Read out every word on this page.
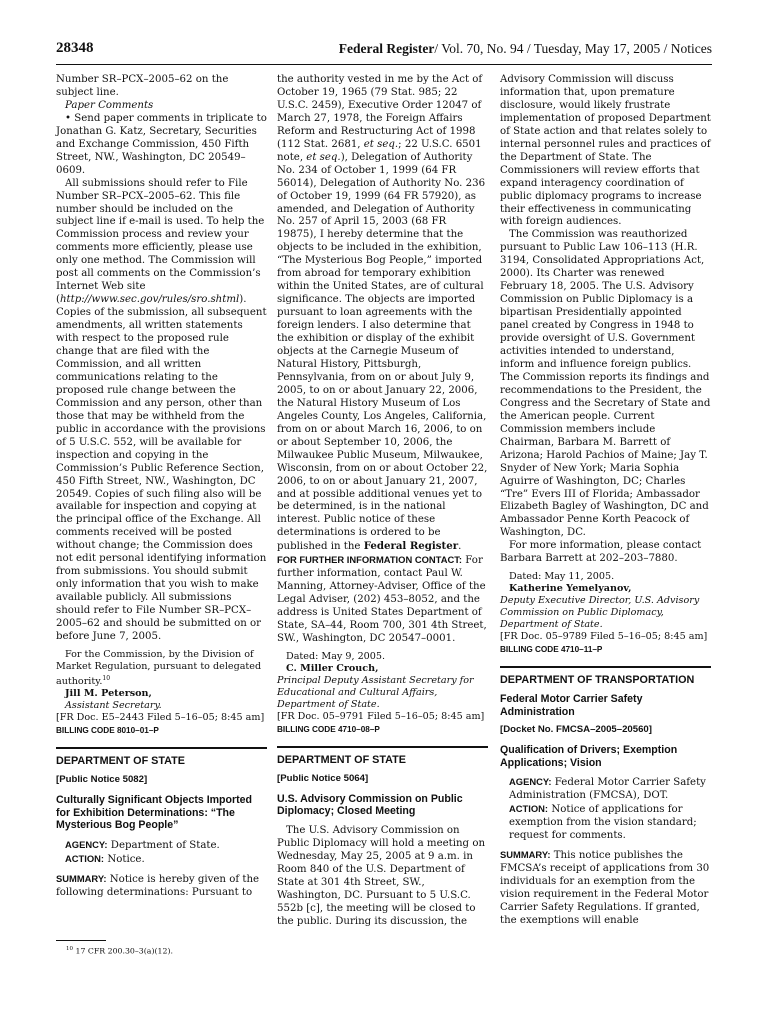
28348	Federal Register/ Vol. 70, No. 94 / Tuesday, May 17, 2005 / Notices

Number SR–PCX–2005–62 on the subject line.

Paper Comments

• Send paper comments in triplicate to Jonathan G. Katz, Secretary, Securities and Exchange Commission, 450 Fifth Street, NW., Washington, DC 20549–0609.

All submissions should refer to File Number SR–PCX–2005–62. This file number should be included on the subject line if e-mail is used. To help the Commission process and review your comments more efficiently, please use only one method. The Commission will post all comments on the Commission’s Internet Web site (http://www.sec.gov/rules/sro.shtml). Copies of the submission, all subsequent amendments, all written statements with respect to the proposed rule change that are filed with the Commission, and all written communications relating to the proposed rule change between the Commission and any person, other than those that may be withheld from the public in accordance with the provisions of 5 U.S.C. 552, will be available for inspection and copying in the Commission’s Public Reference Section, 450 Fifth Street, NW., Washington, DC 20549. Copies of such filing also will be available for inspection and copying at the principal office of the Exchange. All comments received will be posted without change; the Commission does not edit personal identifying information from submissions. You should submit only information that you wish to make available publicly. All submissions should refer to File Number SR–PCX–2005–62 and should be submitted on or before June 7, 2005.

For the Commission, by the Division of Market Regulation, pursuant to delegated authority.$^{10}$

Jill M. Peterson,

Assistant Secretary.

[FR Doc. E5–2443 Filed 5–16–05; 8:45 am]

BILLING CODE 8010–01–P
DEPARTMENT OF STATE
[Public Notice 5082]
Culturally Significant Objects Imported for Exhibition Determinations: “The Mysterious Bog People”

AGENCY: Department of State.

ACTION: Notice.

SUMMARY: Notice is hereby given of the following determinations: Pursuant to

$^{10}$ 17 CFR 200.30–3(a)(12).

the authority vested in me by the Act of October 19, 1965 (79 Stat. 985; 22 U.S.C. 2459), Executive Order 12047 of March 27, 1978, the Foreign Affairs Reform and Restructuring Act of 1998 (112 Stat. 2681, et seq.; 22 U.S.C. 6501 note, et seq.), Delegation of Authority No. 234 of October 1, 1999 (64 FR 56014), Delegation of Authority No. 236 of October 19, 1999 (64 FR 57920), as amended, and Delegation of Authority No. 257 of April 15, 2003 (68 FR 19875), I hereby determine that the objects to be included in the exhibition, “The Mysterious Bog People,” imported from abroad for temporary exhibition within the United States, are of cultural significance. The objects are imported pursuant to loan agreements with the foreign lenders. I also determine that the exhibition or display of the exhibit objects at the Carnegie Museum of Natural History, Pittsburgh, Pennsylvania, from on or about July 9, 2005, to on or about January 22, 2006, the Natural History Museum of Los Angeles County, Los Angeles, California, from on or about March 16, 2006, to on or about September 10, 2006, the Milwaukee Public Museum, Milwaukee, Wisconsin, from on or about October 22, 2006, to on or about January 21, 2007, and at possible additional venues yet to be determined, is in the national interest. Public notice of these determinations is ordered to be published in the Federal Register.

FOR FURTHER INFORMATION CONTACT: For further information, contact Paul W. Manning, Attorney-Adviser, Office of the Legal Adviser, (202) 453–8052, and the address is United States Department of State, SA–44, Room 700, 301 4th Street, SW., Washington, DC 20547–0001.

Dated: May 9, 2005.

C. Miller Crouch,

Principal Deputy Assistant Secretary for Educational and Cultural Affairs, Department of State.

[FR Doc. 05–9791 Filed 5–16–05; 8:45 am]

BILLING CODE 4710–08–P
DEPARTMENT OF STATE
[Public Notice 5064]
U.S. Advisory Commission on Public Diplomacy; Closed Meeting

The U.S. Advisory Commission on Public Diplomacy will hold a meeting on Wednesday, May 25, 2005 at 9 a.m. in Room 840 of the U.S. Department of State at 301 4th Street, SW., Washington, DC. Pursuant to 5 U.S.C. 552b [c], the meeting will be closed to the public. During its discussion, the

Advisory Commission will discuss information that, upon premature disclosure, would likely frustrate implementation of proposed Department of State action and that relates solely to internal personnel rules and practices of the Department of State. The Commissioners will review efforts that expand interagency coordination of public diplomacy programs to increase their effectiveness in communicating with foreign audiences.

The Commission was reauthorized pursuant to Public Law 106–113 (H.R. 3194, Consolidated Appropriations Act, 2000). Its Charter was renewed February 18, 2005. The U.S. Advisory Commission on Public Diplomacy is a bipartisan Presidentially appointed panel created by Congress in 1948 to provide oversight of U.S. Government activities intended to understand, inform and influence foreign publics. The Commission reports its findings and recommendations to the President, the Congress and the Secretary of State and the American people. Current Commission members include Chairman, Barbara M. Barrett of Arizona; Harold Pachios of Maine; Jay T. Snyder of New York; Maria Sophia Aguirre of Washington, DC; Charles “Tre” Evers III of Florida; Ambassador Elizabeth Bagley of Washington, DC and Ambassador Penne Korth Peacock of Washington, DC.

For more information, please contact Barbara Barrett at 202–203–7880.

Dated: May 11, 2005.

Katherine Yemelyanov,

Deputy Executive Director, U.S. Advisory Commission on Public Diplomacy, Department of State.

[FR Doc. 05–9789 Filed 5–16–05; 8:45 am]

BILLING CODE 4710–11–P
DEPARTMENT OF TRANSPORTATION
Federal Motor Carrier Safety Administration
[Docket No. FMCSA–2005–20560]
Qualification of Drivers; Exemption Applications; Vision

AGENCY: Federal Motor Carrier Safety Administration (FMCSA), DOT.

ACTION: Notice of applications for exemption from the vision standard; request for comments.

SUMMARY: This notice publishes the FMCSA’s receipt of applications from 30 individuals for an exemption from the vision requirement in the Federal Motor Carrier Safety Regulations. If granted, the exemptions will enable
